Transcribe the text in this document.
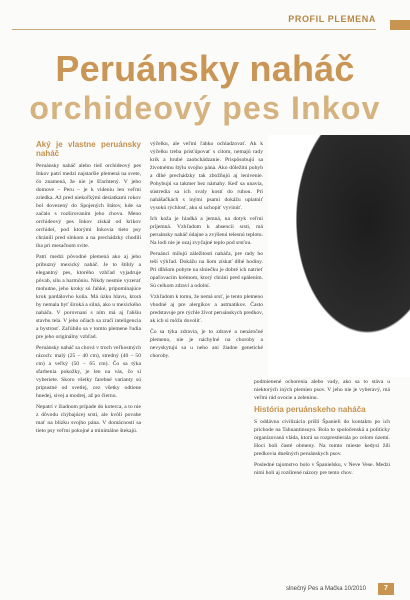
PROFIL PLEMENA
Peruánsky naháč
orchideový pes Inkov
Aký je vlastne peruánsky naháč

Peruánsky naháč alebo tiež orchideový pes Inkov patrí medzi najstaršie plemená na svete, čo znamená, že nie je šľachtený. V jeho domove – Peru – je k videniu len veľmi zriedka. Až pred niekoľkými desiatkami rokov bol dovezený do Spojených štátov, kde sa začalo s rozširovaním jeho chovu. Meno orchideový pes Inkov získal od krikov orchideí, pod ktorými Inkovia tieto psy chránili pred slnkom a na prechádzky chodili iba pri mesačnom svite.

Patrí medzi pôvodné plemená ako aj jeho príbuzný mexický naháč. Je to štíhly a elegantný pes, ktorého vzhľad vyjadruje pôvab, silu a harmóniu. Nikdy nesmie vyzerať mohutne, jeho kroky sú ľahké, pripomínajúce krok pardálovho koňa. Má úzku hlavu, ktorá by nemala byť široká a silná, ako u mexického naháča. V porovnaní s ním má aj ľahšiu stavbu tela. V jeho očiach sa zračí inteligencia a bystrosť. Zaľúbilo sa v tomto plemene ľudia pre jeho originálny vzhľad.

Peruánsky naháč sa chová v troch veľkostných rázoch: malý (25 – 40 cm), stredný (40 – 50 cm) a veľký (50 – 65 cm). Čo sa týka sfarbenia pokožky, je len na vás, čo si vyberiete. Skoro všetky farebné varianty sú prípustné od svetlej, cez všetky odtiene hnedej, sivej a modrej, až po čiernu.

Nepatrí v žiadnom prípade do koterca, a to nie z dôvodu chýbajúcej srsti, ale kvôli povahe mať na blízku svojho pána. V domácnosti sa tieto psy veľmi pokojné a minimálne štekajú.

výčelku, ale veľmi ľahko ochladzovať. Ak k výčelku treba prisťúpovať s citom, nemajú rady krik a hrubé zaobchádzanie. Prispôsobujú sa životnému štýlu svojho pána. Ako dôležitú pohyb a dlhé prechádzky tak zbožňujú aj lenivenie. Pohybujú sa takmer bez námahy. Keď sa unavia, sústredia sa ich svaly kostí do ruhou. Pri nahášačkách s inými psami dokážu uplatniť vysokú rýchlosť, aku si uchopiť vyvinúť.

Ich koža je hladká a jemná, na dotyk veľmi príjemná. Vzhľadom k absencii srsti, má peruánsky naháč údajne a zvýšenú telesnú teplotu. Na lodi nie je ozaj zvyčajné teplo pod srsťou.

Peruánci milujú záležitosti naháča, pre rady ho teší výhľad. Dokážu na ňom získať dlhé hodiny. Pri dlhšom pobyte na slniečku je dobré ich natrieť opaľovacím krémom, ktorý chráni pred spálením. Sú celkom zdraví a odolní.

Vzhľadom k tomu, že nemá srsť, je tento plemeno vhodné aj pre alergikov a astmatikov. Často predstavuje pre rýchle život peruánskych predkov, ak ich si môžu dovoliť.

Čo sa týka zdravia, je to zdravé a nenáročné plemeno, nie je náchylné na choroby a nevyskytujú sa u neho ani žiadne genetické choroby.

podmienené ochorenia alebo vady, ako sa to stáva u niektorých iných plemien psov. V jeho nie je vyberavý, má veľmi rád ovocie a zeleninu.

História peruánskeho naháča

S oddávna civilizácia prišli Španieli do kontaktu po ich príchode na Tahuantinsuyo. Bola to spoločenská a politicky organizovaná vláda, ktorá sa rozprestierala po celom území. Hoci boli časté obmeny. Na tomto mieste kedysi žili predkovia dnešných peruánskych psov.

Posledné tajomstvo bolo v Španielsku, v Neve Vese. Medzi nimi boli aj rozšírené názory pre tento chov.

slnečný Pes a Mačka 10/2010	7
